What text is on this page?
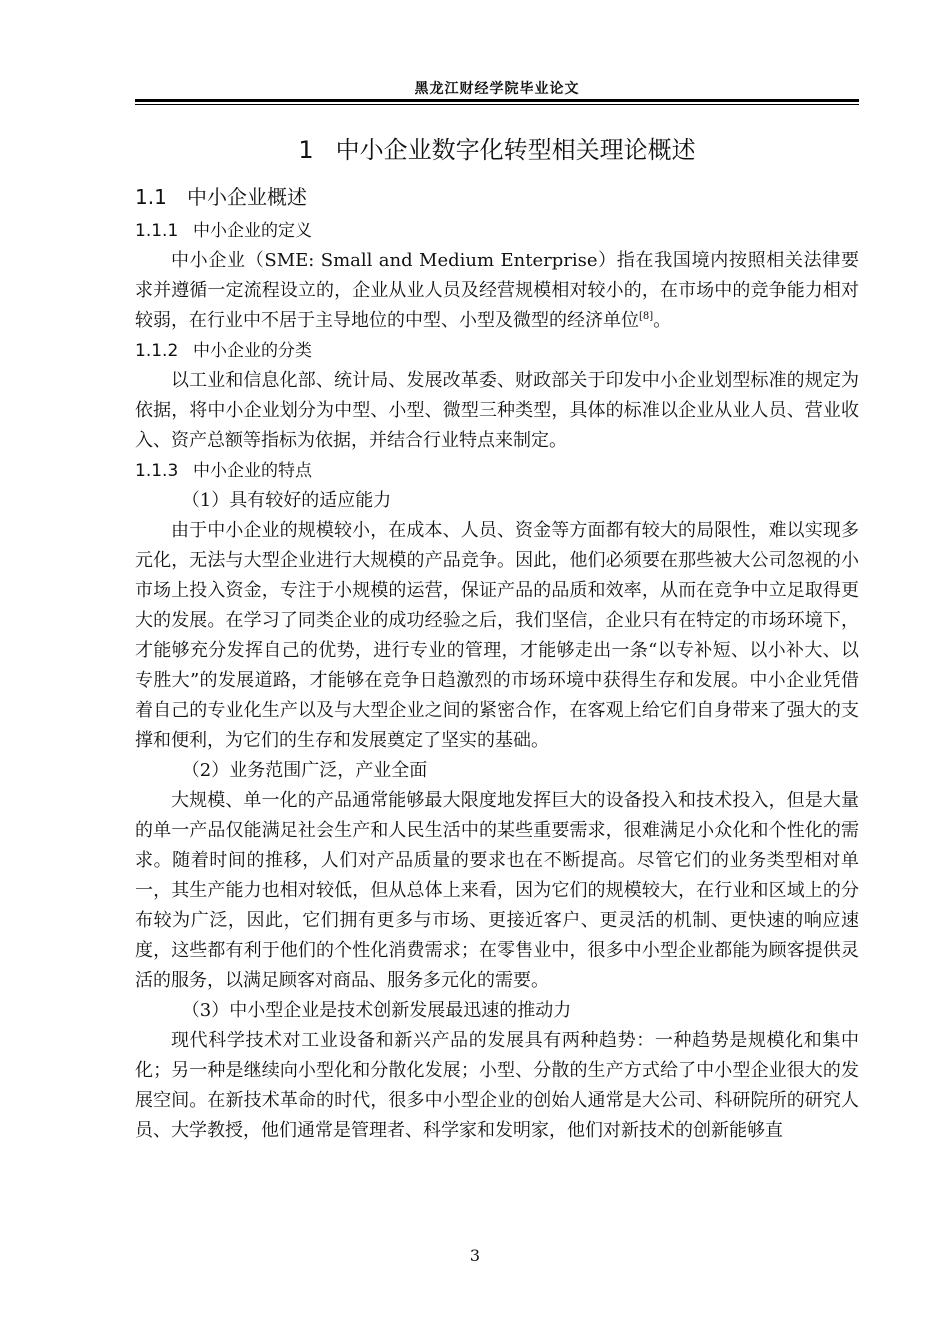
黑龙江财经学院毕业论文
1 中小企业数字化转型相关理论概述
1.1 中小企业概述
1.1.1 中小企业的定义

中小企业（SME: Small and Medium Enterprise）指在我国境内按照相关法律要求并遵循一定流程设立的，企业从业人员及经营规模相对较小的，在市场中的竞争能力相对较弱，在行业中不居于主导地位的中型、小型及微型的经济单位[8]。

1.1.2 中小企业的分类

以工业和信息化部、统计局、发展改革委、财政部关于印发中小企业划型标准的规定为依据，将中小企业划分为中型、小型、微型三种类型，具体的标准以企业从业人员、营业收入、资产总额等指标为依据，并结合行业特点来制定。

1.1.3 中小企业的特点

（1）具有较好的适应能力

由于中小企业的规模较小，在成本、人员、资金等方面都有较大的局限性，难以实现多元化，无法与大型企业进行大规模的产品竞争。因此，他们必须要在那些被大公司忽视的小市场上投入资金，专注于小规模的运营，保证产品的品质和效率，从而在竞争中立足取得更大的发展。在学习了同类企业的成功经验之后，我们坚信，企业只有在特定的市场环境下，才能够充分发挥自己的优势，进行专业的管理，才能够走出一条“以专补短、以小补大、以专胜大”的发展道路，才能够在竞争日趋激烈的市场环境中获得生存和发展。中小企业凭借着自己的专业化生产以及与大型企业之间的紧密合作，在客观上给它们自身带来了强大的支撑和便利，为它们的生存和发展奠定了坚实的基础。

（2）业务范围广泛，产业全面

大规模、单一化的产品通常能够最大限度地发挥巨大的设备投入和技术投入，但是大量的单一产品仅能满足社会生产和人民生活中的某些重要需求，很难满足小众化和个性化的需求。随着时间的推移，人们对产品质量的要求也在不断提高。尽管它们的业务类型相对单一，其生产能力也相对较低，但从总体上来看，因为它们的规模较大，在行业和区域上的分布较为广泛，因此，它们拥有更多与市场、更接近客户、更灵活的机制、更快速的响应速度，这些都有利于他们的个性化消费需求；在零售业中，很多中小型企业都能为顾客提供灵活的服务，以满足顾客对商品、服务多元化的需要。

（3）中小型企业是技术创新发展最迅速的推动力

现代科学技术对工业设备和新兴产品的发展具有两种趋势：一种趋势是规模化和集中化；另一种是继续向小型化和分散化发展；小型、分散的生产方式给了中小型企业很大的发展空间。在新技术革命的时代，很多中小型企业的创始人通常是大公司、科研院所的研究人员、大学教授，他们通常是管理者、科学家和发明家，他们对新技术的创新能够直

3
